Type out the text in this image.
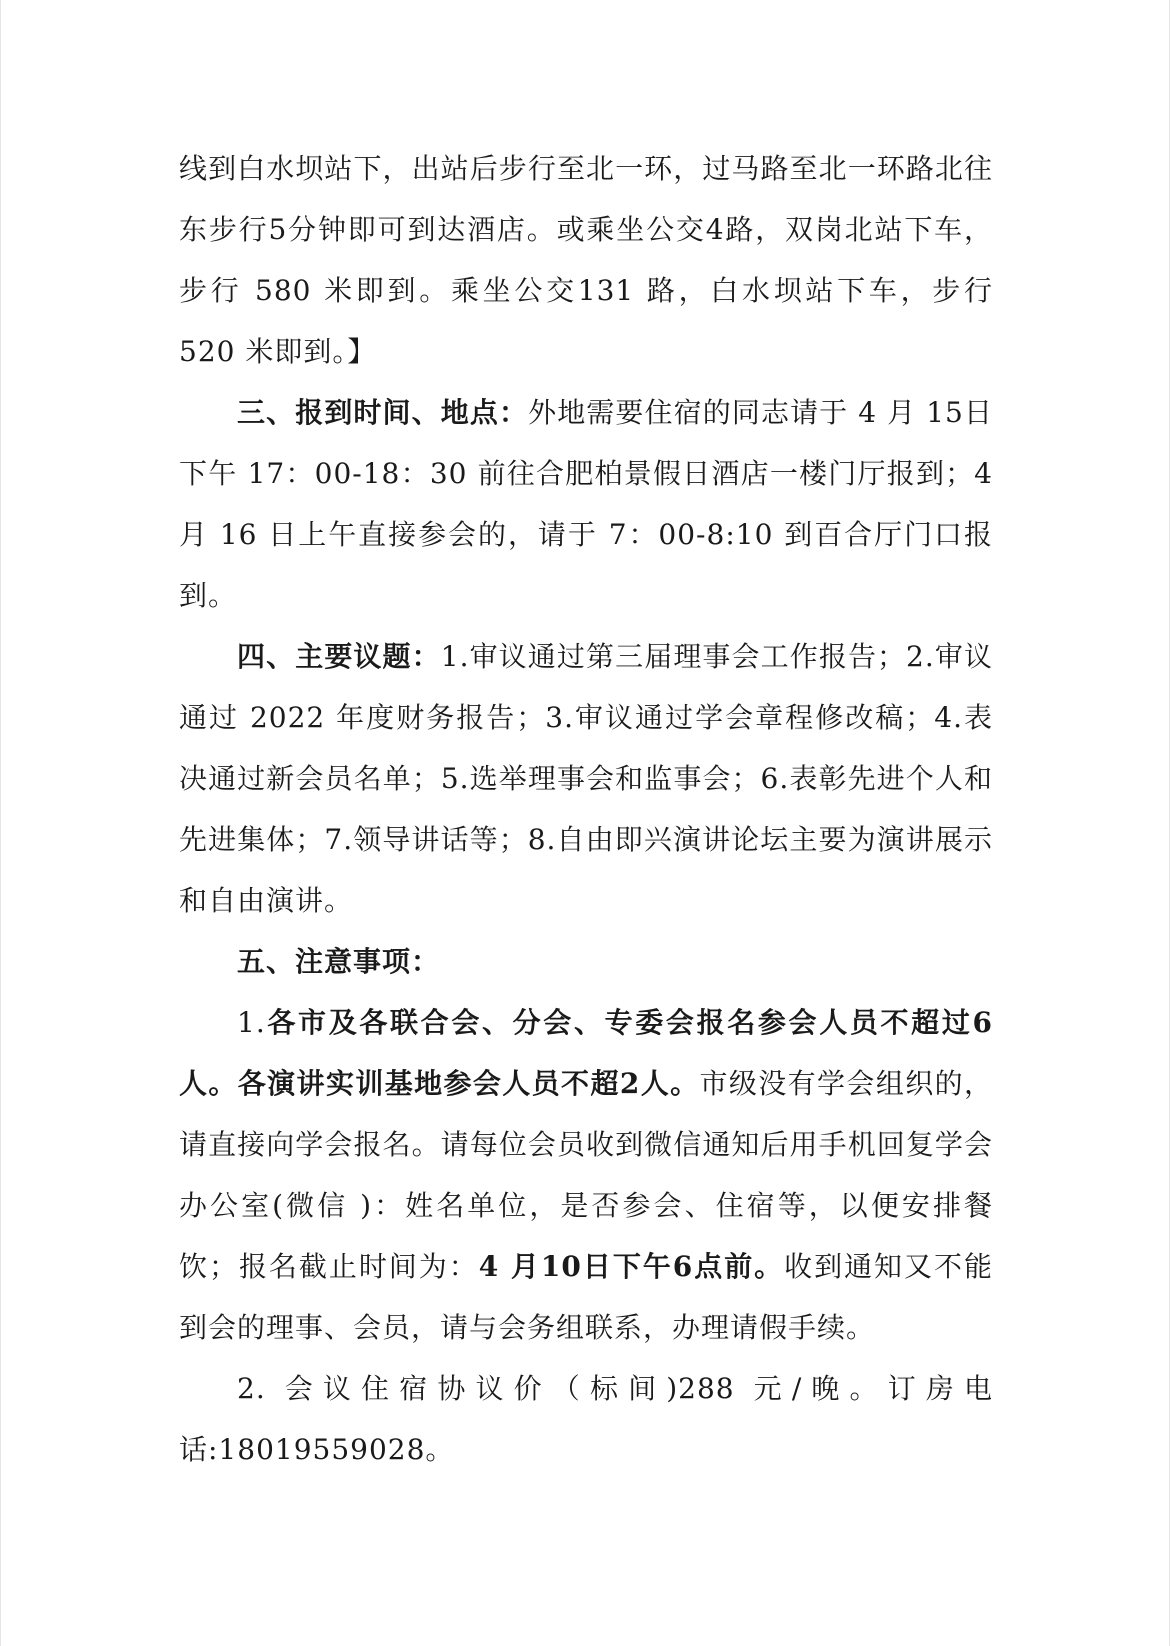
线到白水坝站下，出站后步行至北一环，过马路至北一环路北往东步行5分钟即可到达酒店。或乘坐公交4路，双岗北站下车，步行 580 米即到。乘坐公交131 路，白水坝站下车，步行 520 米即到。】

三、报到时间、地点：外地需要住宿的同志请于 4 月 15日下午 17：00-18：30 前往合肥柏景假日酒店一楼门厅报到；4月 16 日上午直接参会的，请于 7：00-8:10 到百合厅门口报到。

四、主要议题：1.审议通过第三届理事会工作报告；2.审议通过 2022 年度财务报告；3.审议通过学会章程修改稿；4.表决通过新会员名单；5.选举理事会和监事会；6.表彰先进个人和先进集体；7.领导讲话等；8.自由即兴演讲论坛主要为演讲展示和自由演讲。

五、注意事项：

1.各市及各联合会、分会、专委会报名参会人员不超过6人。各演讲实训基地参会人员不超2人。市级没有学会组织的，请直接向学会报名。请每位会员收到微信通知后用手机回复学会办公室(微信 )：姓名单位，是否参会、住宿等，以便安排餐饮；报名截止时间为：4 月10日下午6点前。收到通知又不能到会的理事、会员，请与会务组联系，办理请假手续。

2. 会议住宿协议价（标间)288 元/晚。订房电话:18019559028。
